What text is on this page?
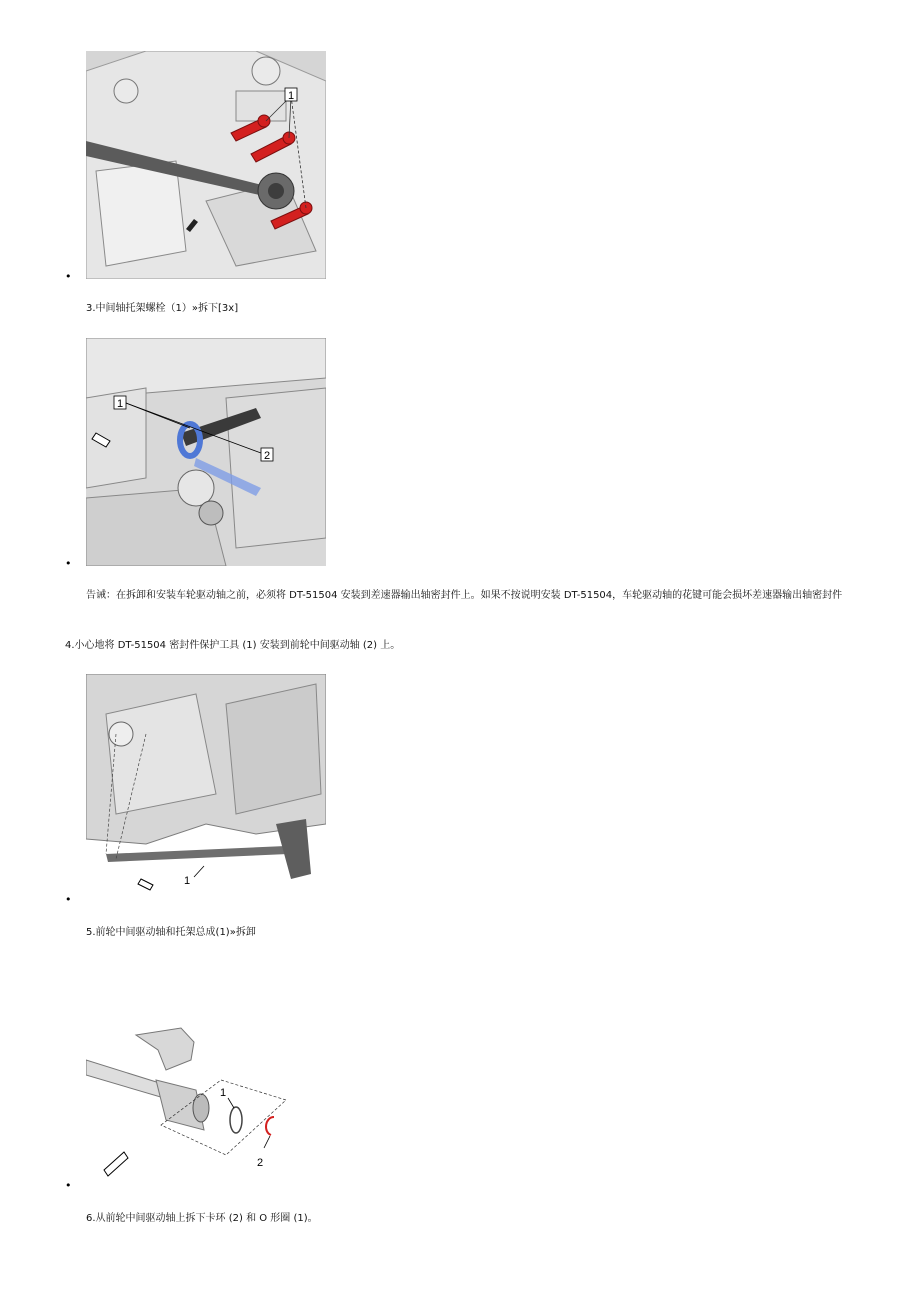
1
•
3.中间轴托架螺栓（1）»拆下[3x]
1
2
•
告诫：在拆卸和安装车轮驱动轴之前，必须将 DT-51504 安装到差速器输出轴密封件上。如果不按说明安装 DT-51504，车轮驱动轴的花键可能会损坏差速器输出轴密封件
4.小心地将 DT-51504 密封件保护工具 (1) 安装到前轮中间驱动轴 (2) 上。
1
•
5.前轮中间驱动轴和托架总成(1)»拆卸
1
2
•
6.从前轮中间驱动轴上拆下卡环 (2) 和 O 形圈 (1)。
